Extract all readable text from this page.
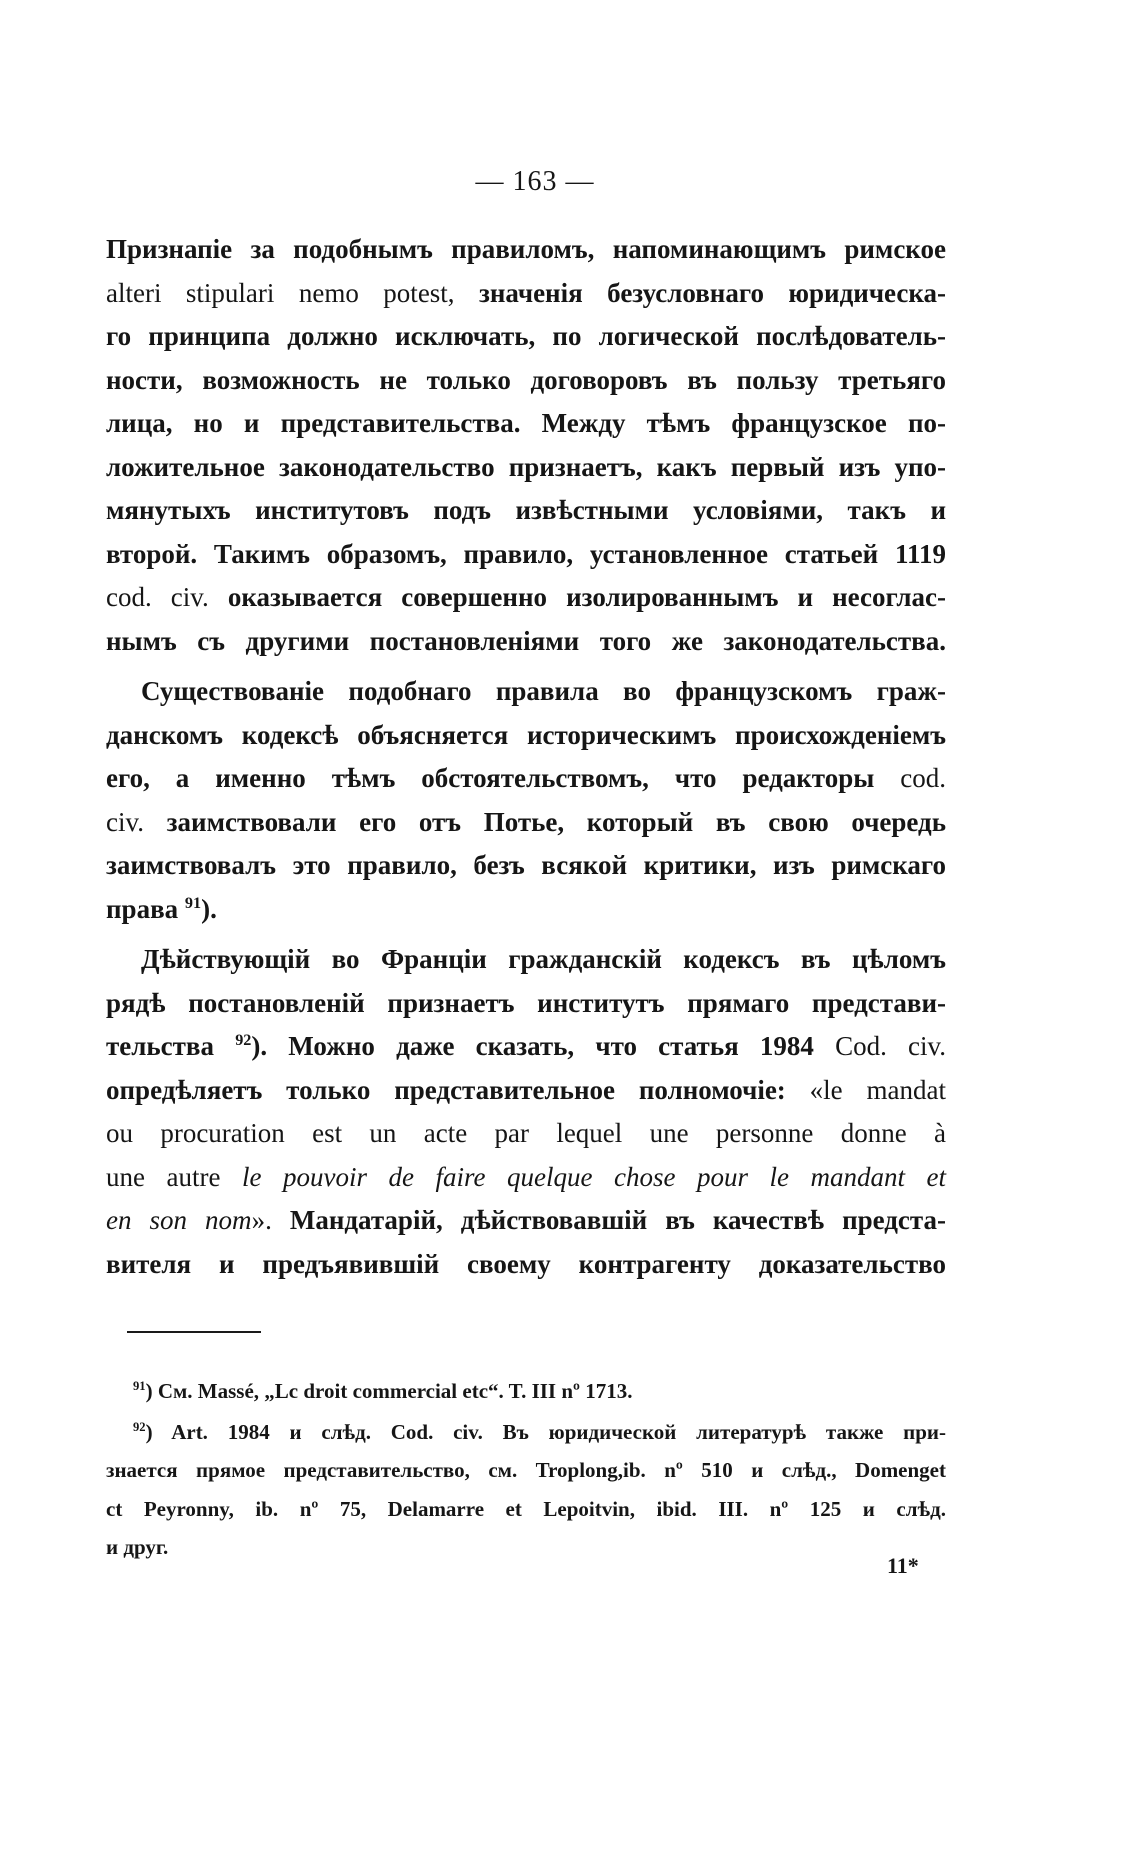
— 163 —
Признапіе за подобнымъ правиломъ, напоминающимъ римское
alteri stipulari nemo potest, значенія безусловнаго юридическа-
го принципа должно исключать, по логической послѣдователь-
ности, возможность не только договоровъ въ пользу третьяго
лица, но и представительства. Между тѣмъ французское по-
ложительное законодательство признаетъ, какъ первый изъ упо-
мянутыхъ институтовъ подъ извѣстными условіями, такъ и
второй. Такимъ образомъ, правило, установленное статьей 1119
cod. civ. оказывается совершенно изолированнымъ и несоглас-
нымъ съ другими постановленіями того же законодательства.
Существованіе подобнаго правила во французскомъ граж-
данскомъ кодексѣ объясняется историческимъ происхожденіемъ
его, а именно тѣмъ обстоятельствомъ, что редакторы cod.
civ. заимствовали его отъ Потье, который въ свою очередь
заимствовалъ это правило, безъ всякой критики, изъ римскаго
права $^{91}$).
Дѣйствующій во Франціи гражданскій кодексъ въ цѣломъ
рядѣ постановленій признаетъ институтъ прямаго представи-
тельства $^{92}$). Можно даже сказать, что статья 1984 Cod. civ.
опредѣляетъ только представительное полномочіе: «le mandat
ou procuration est un acte par lequel une personne donne à
une autre le pouvoir de faire quelque chose pour le mandant et
en son nom». Мандатарій, дѣйствовавшій въ качествѣ предста-
вителя и предъявившій своему контрагенту доказательство
$^{91}$) См. Massé, „Lc droit commercial etc“. T. III nº 1713.
$^{92}$) Art. 1984 и слѣд. Cod. civ. Въ юридической литературѣ также при-
знается прямое представительство, см. Troplong,ib. nº 510 и слѣд., Domenget
ct Peyronny, ib. nº 75, Delamarre et Lepoitvin, ibid. III. nº 125 и слѣд.
и друг.
11*
